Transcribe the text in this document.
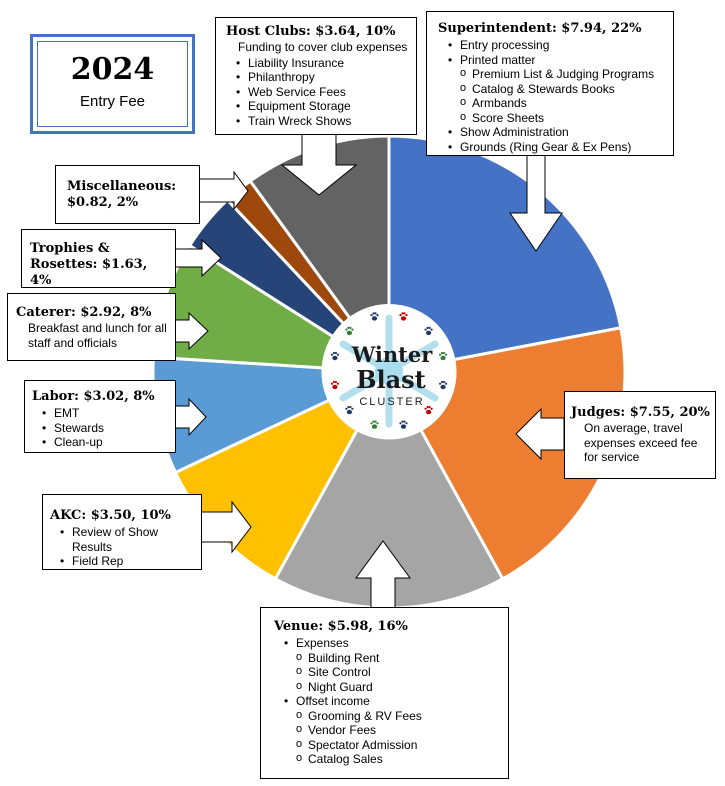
Winter
Blast
CLUSTER
2024
Entry Fee
Host Clubs: $3.64, 10%
Funding to cover club expenses
• Liability Insurance
• Philanthropy
• Web Service Fees
• Equipment Storage
• Train Wreck Shows
Superintendent: $7.94, 22%
• Entry processing
• Printed matter
o Premium List & Judging Programs
o Catalog & Stewards Books
o Armbands
o Score Sheets
• Show Administration
• Grounds (Ring Gear & Ex Pens)
Miscellaneous: $0.82, 2%
Trophies & Rosettes: $1.63, 4%
Caterer: $2.92, 8%
Breakfast and lunch for all staff and officials
Labor: $3.02, 8%
• EMT
• Stewards
• Clean-up
AKC: $3.50, 10%
• Review of Show Results
• Field Rep
Judges: $7.55, 20%
On average, travel expenses exceed fee for service
Venue: $5.98, 16%
• Expenses
o Building Rent
o Site Control
o Night Guard
• Offset income
o Grooming & RV Fees
o Vendor Fees
o Spectator Admission
o Catalog Sales
